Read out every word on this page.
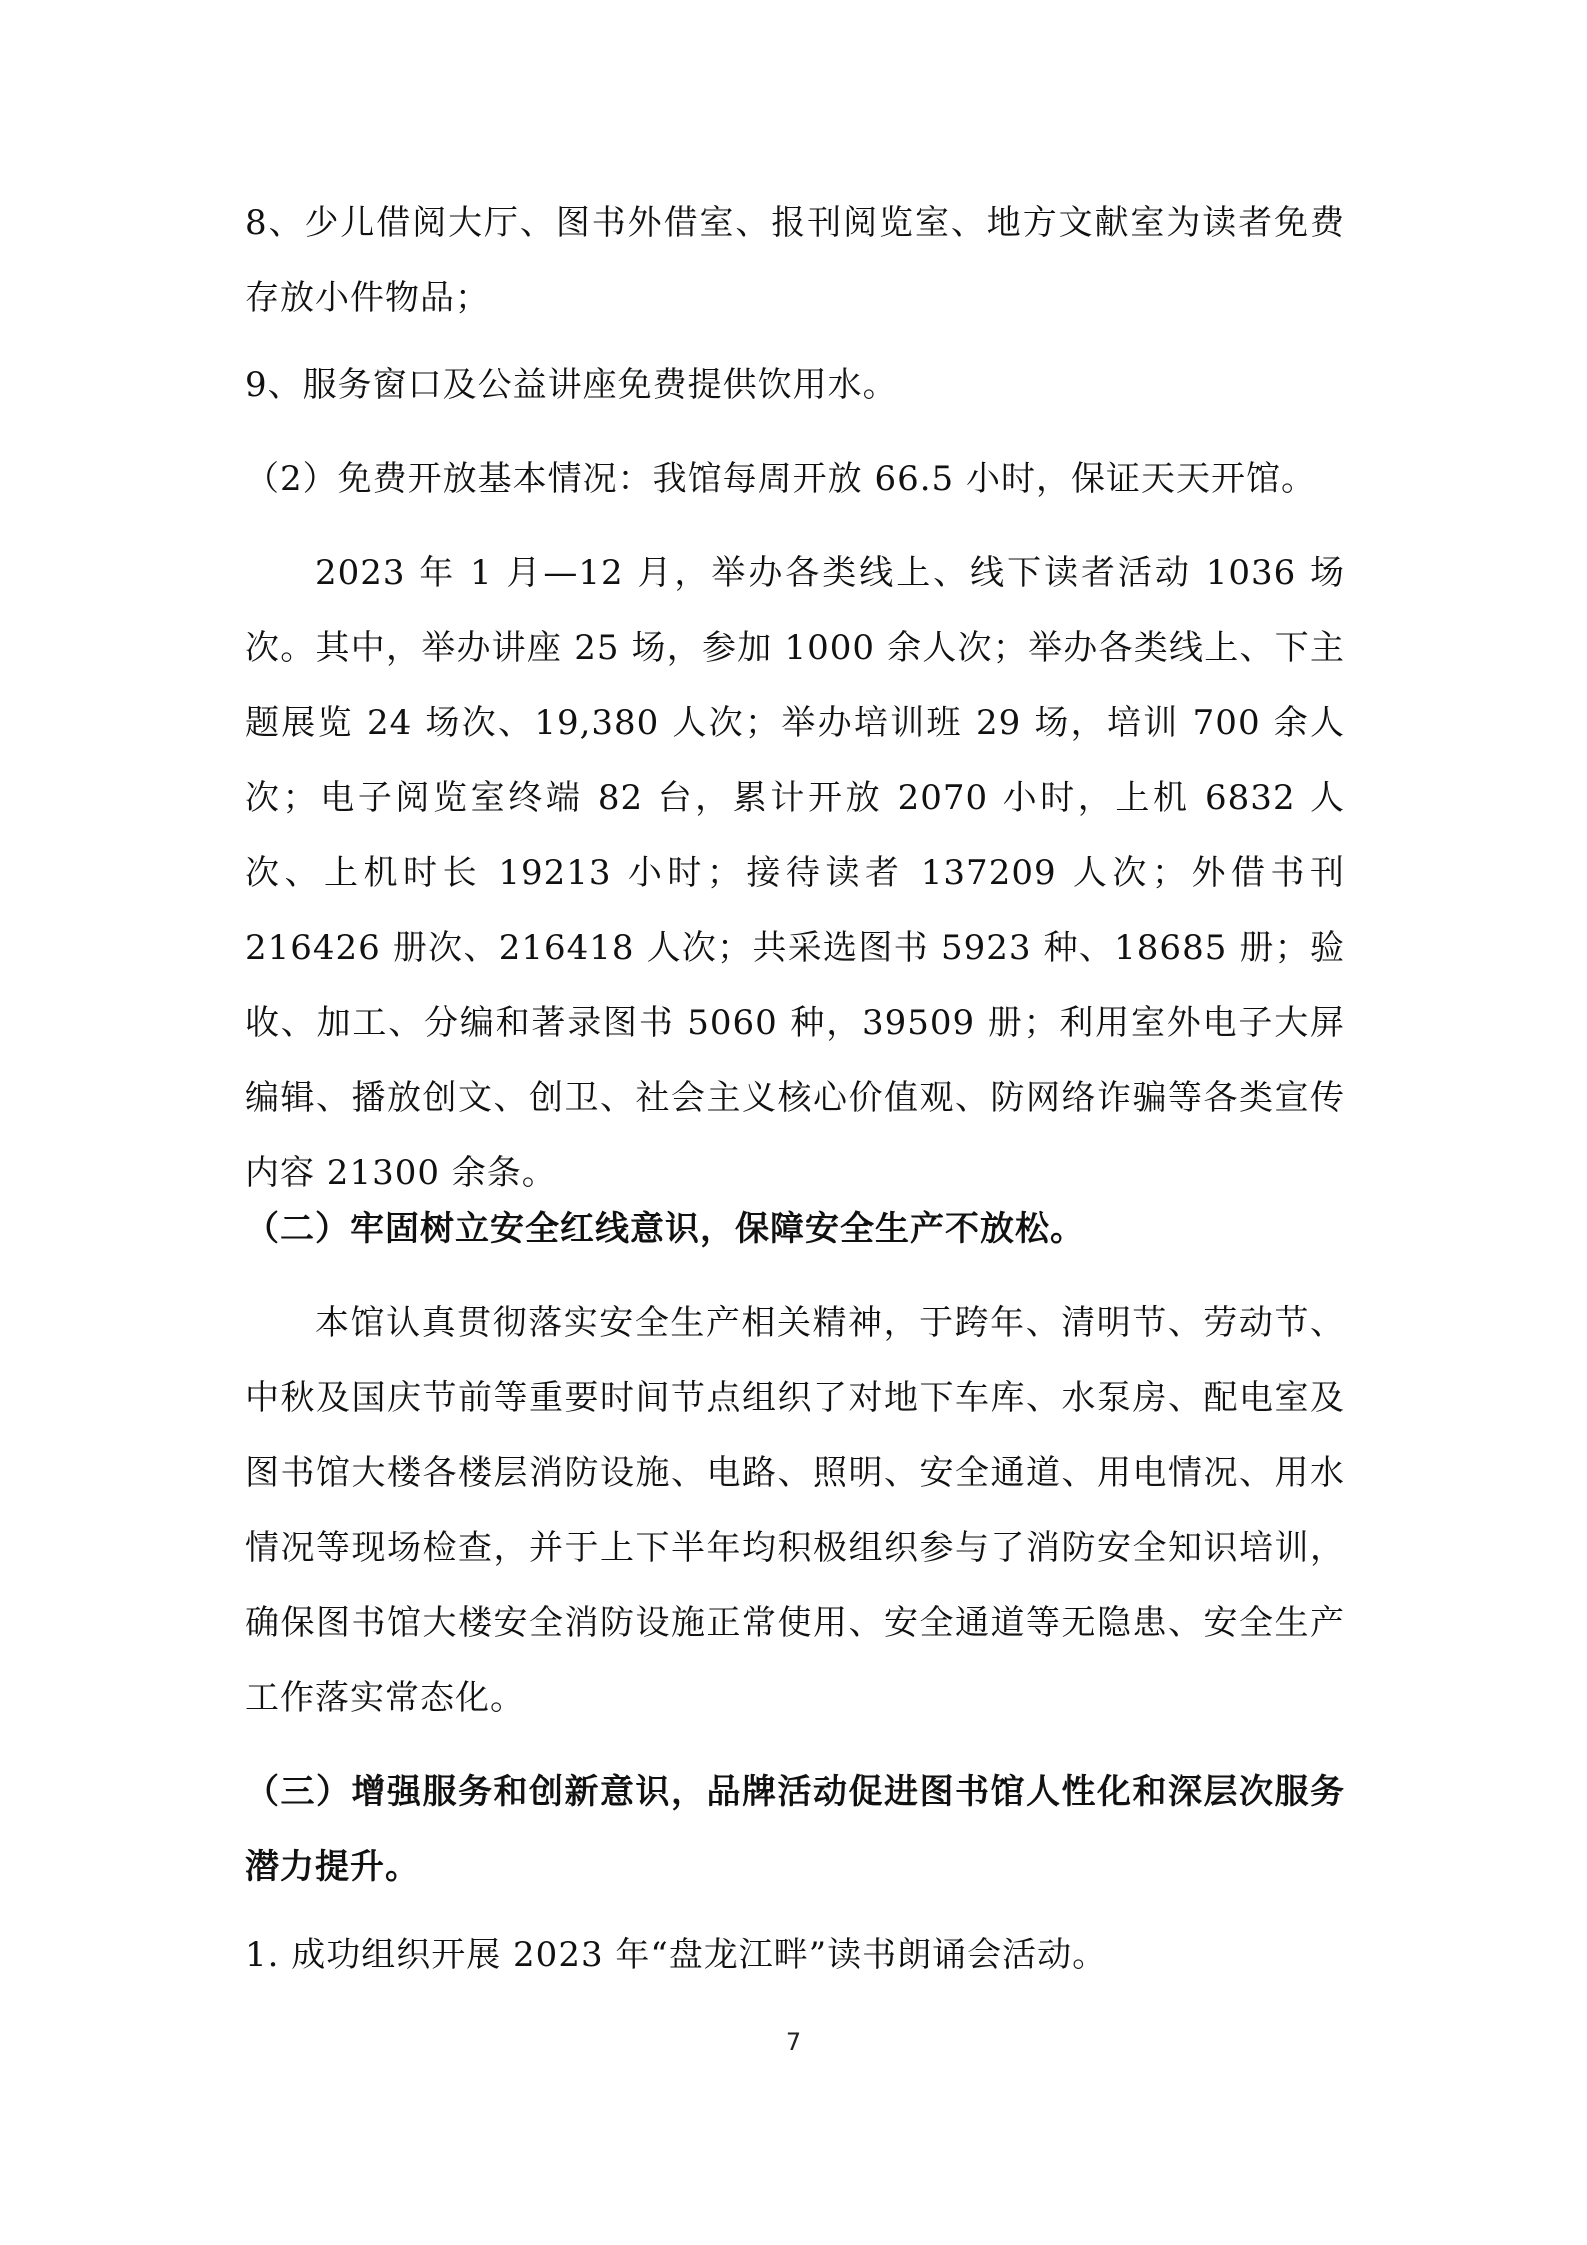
8、少儿借阅大厅、图书外借室、报刊阅览室、地方文献室为读者免费存放小件物品；

9、服务窗口及公益讲座免费提供饮用水。

（2）免费开放基本情况：我馆每周开放 66.5 小时，保证天天开馆。

2023 年 1 月—12 月，举办各类线上、线下读者活动 1036 场次。其中，举办讲座 25 场，参加 1000 余人次；举办各类线上、下主题展览 24 场次、19,380 人次；举办培训班 29 场，培训 700 余人次；电子阅览室终端 82 台，累计开放 2070 小时，上机 6832 人次、上机时长 19213 小时；接待读者 137209 人次；外借书刊 216426 册次、216418 人次；共采选图书 5923 种、18685 册；验收、加工、分编和著录图书 5060 种，39509 册；利用室外电子大屏编辑、播放创文、创卫、社会主义核心价值观、防网络诈骗等各类宣传内容 21300 余条。

（二）牢固树立安全红线意识，保障安全生产不放松。

本馆认真贯彻落实安全生产相关精神，于跨年、清明节、劳动节、中秋及国庆节前等重要时间节点组织了对地下车库、水泵房、配电室及图书馆大楼各楼层消防设施、电路、照明、安全通道、用电情况、用水情况等现场检查，并于上下半年均积极组织参与了消防安全知识培训，确保图书馆大楼安全消防设施正常使用、安全通道等无隐患、安全生产工作落实常态化。

（三）增强服务和创新意识，品牌活动促进图书馆人性化和深层次服务潜力提升。

1. 成功组织开展 2023 年“盘龙江畔”读书朗诵会活动。

7
